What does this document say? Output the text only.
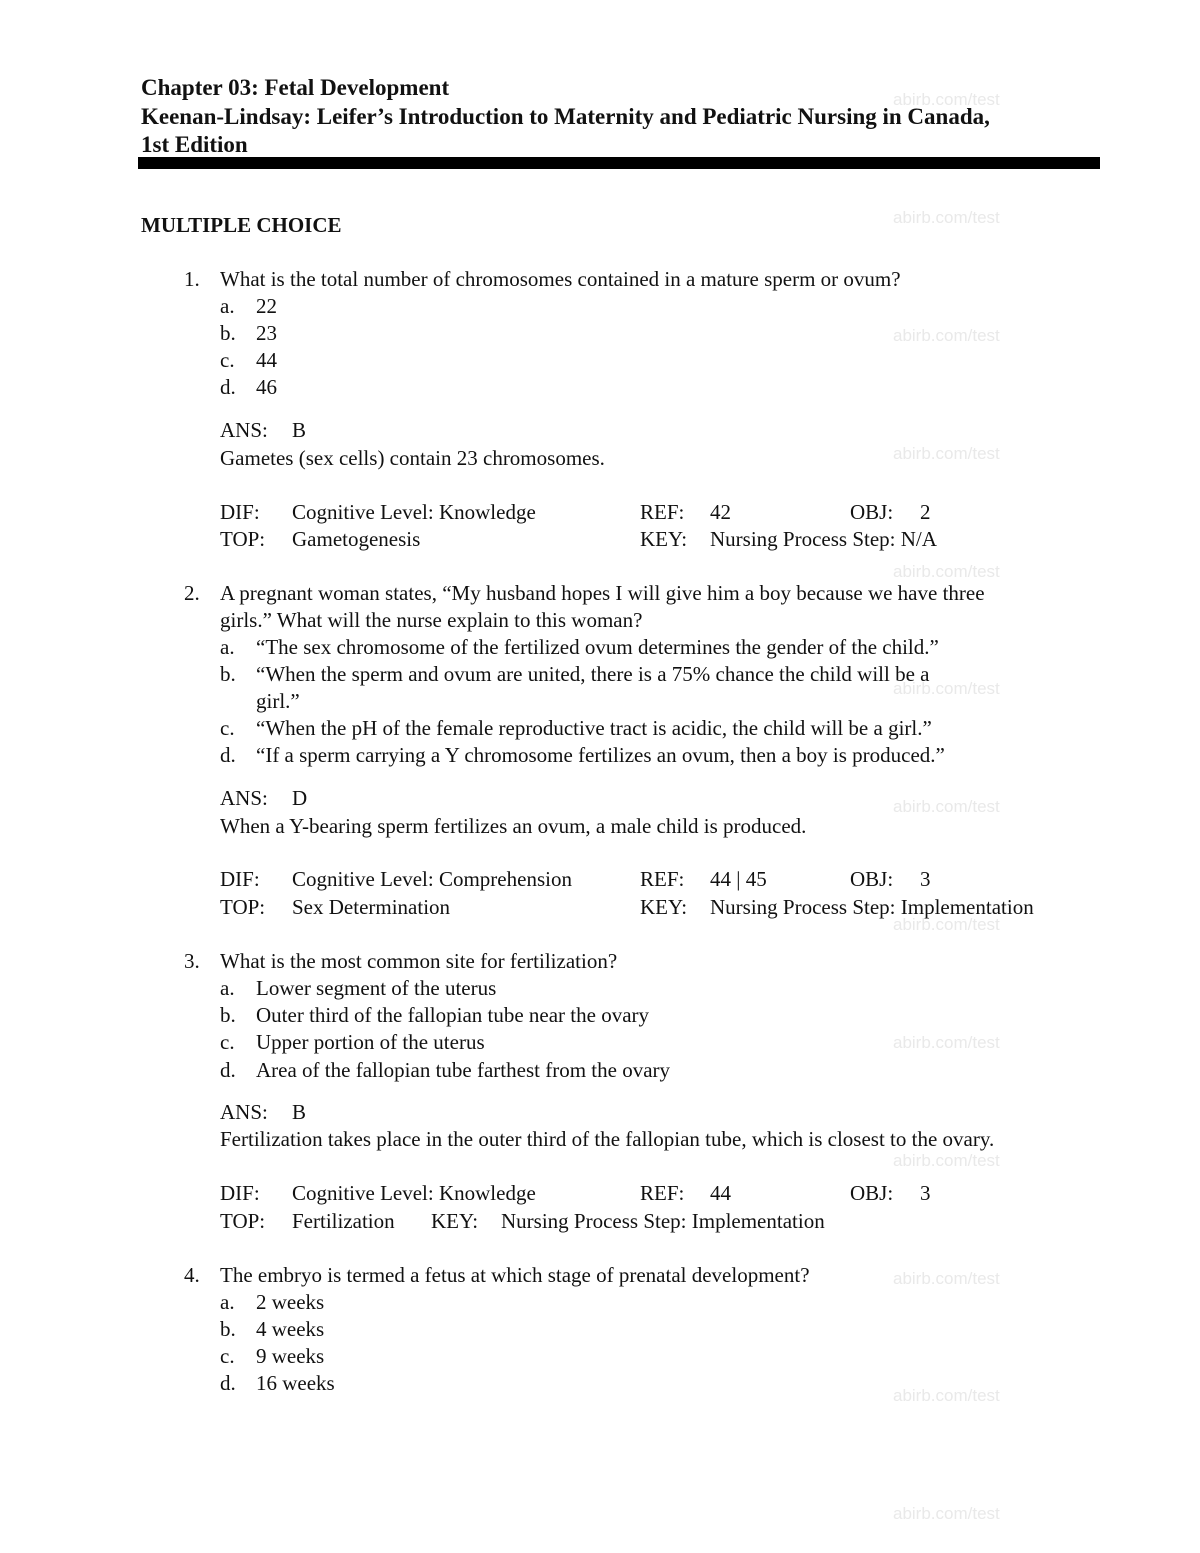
Chapter 03: Fetal Development
Keenan-Lindsay: Leifer’s Introduction to Maternity and Pediatric Nursing in Canada,
1st Edition
MULTIPLE CHOICE
abirb.com/test
abirb.com/test
abirb.com/test
abirb.com/test
abirb.com/test
abirb.com/test
abirb.com/test
abirb.com/test
abirb.com/test
abirb.com/test
abirb.com/test
abirb.com/test
abirb.com/test
1. What is the total number of chromosomes contained in a mature sperm or ovum?
a. 22
b. 23
c. 44
d. 46
ANS: B
Gametes (sex cells) contain 23 chromosomes.
DIF: Cognitive Level: Knowledge	REF: 42	OBJ: 2
TOP: Gametogenesis	KEY: Nursing Process Step: N/A
2. A pregnant woman states, “My husband hopes I will give him a boy because we have three
girls.” What will the nurse explain to this woman?
a. “The sex chromosome of the fertilized ovum determines the gender of the child.”
b. “When the sperm and ovum are united, there is a 75% chance the child will be a
girl.”
c. “When the pH of the female reproductive tract is acidic, the child will be a girl.”
d. “If a sperm carrying a Y chromosome fertilizes an ovum, then a boy is produced.”
ANS: D
When a Y-bearing sperm fertilizes an ovum, a male child is produced.
DIF: Cognitive Level: Comprehension	REF: 44 | 45	OBJ: 3
TOP: Sex Determination	KEY: Nursing Process Step: Implementation
3. What is the most common site for fertilization?
a. Lower segment of the uterus
b. Outer third of the fallopian tube near the ovary
c. Upper portion of the uterus
d. Area of the fallopian tube farthest from the ovary
ANS: B
Fertilization takes place in the outer third of the fallopian tube, which is closest to the ovary.
DIF: Cognitive Level: Knowledge	REF: 44	OBJ: 3
TOP: Fertilization KEY: Nursing Process Step: Implementation
4. The embryo is termed a fetus at which stage of prenatal development?
a. 2 weeks
b. 4 weeks
c. 9 weeks
d. 16 weeks
